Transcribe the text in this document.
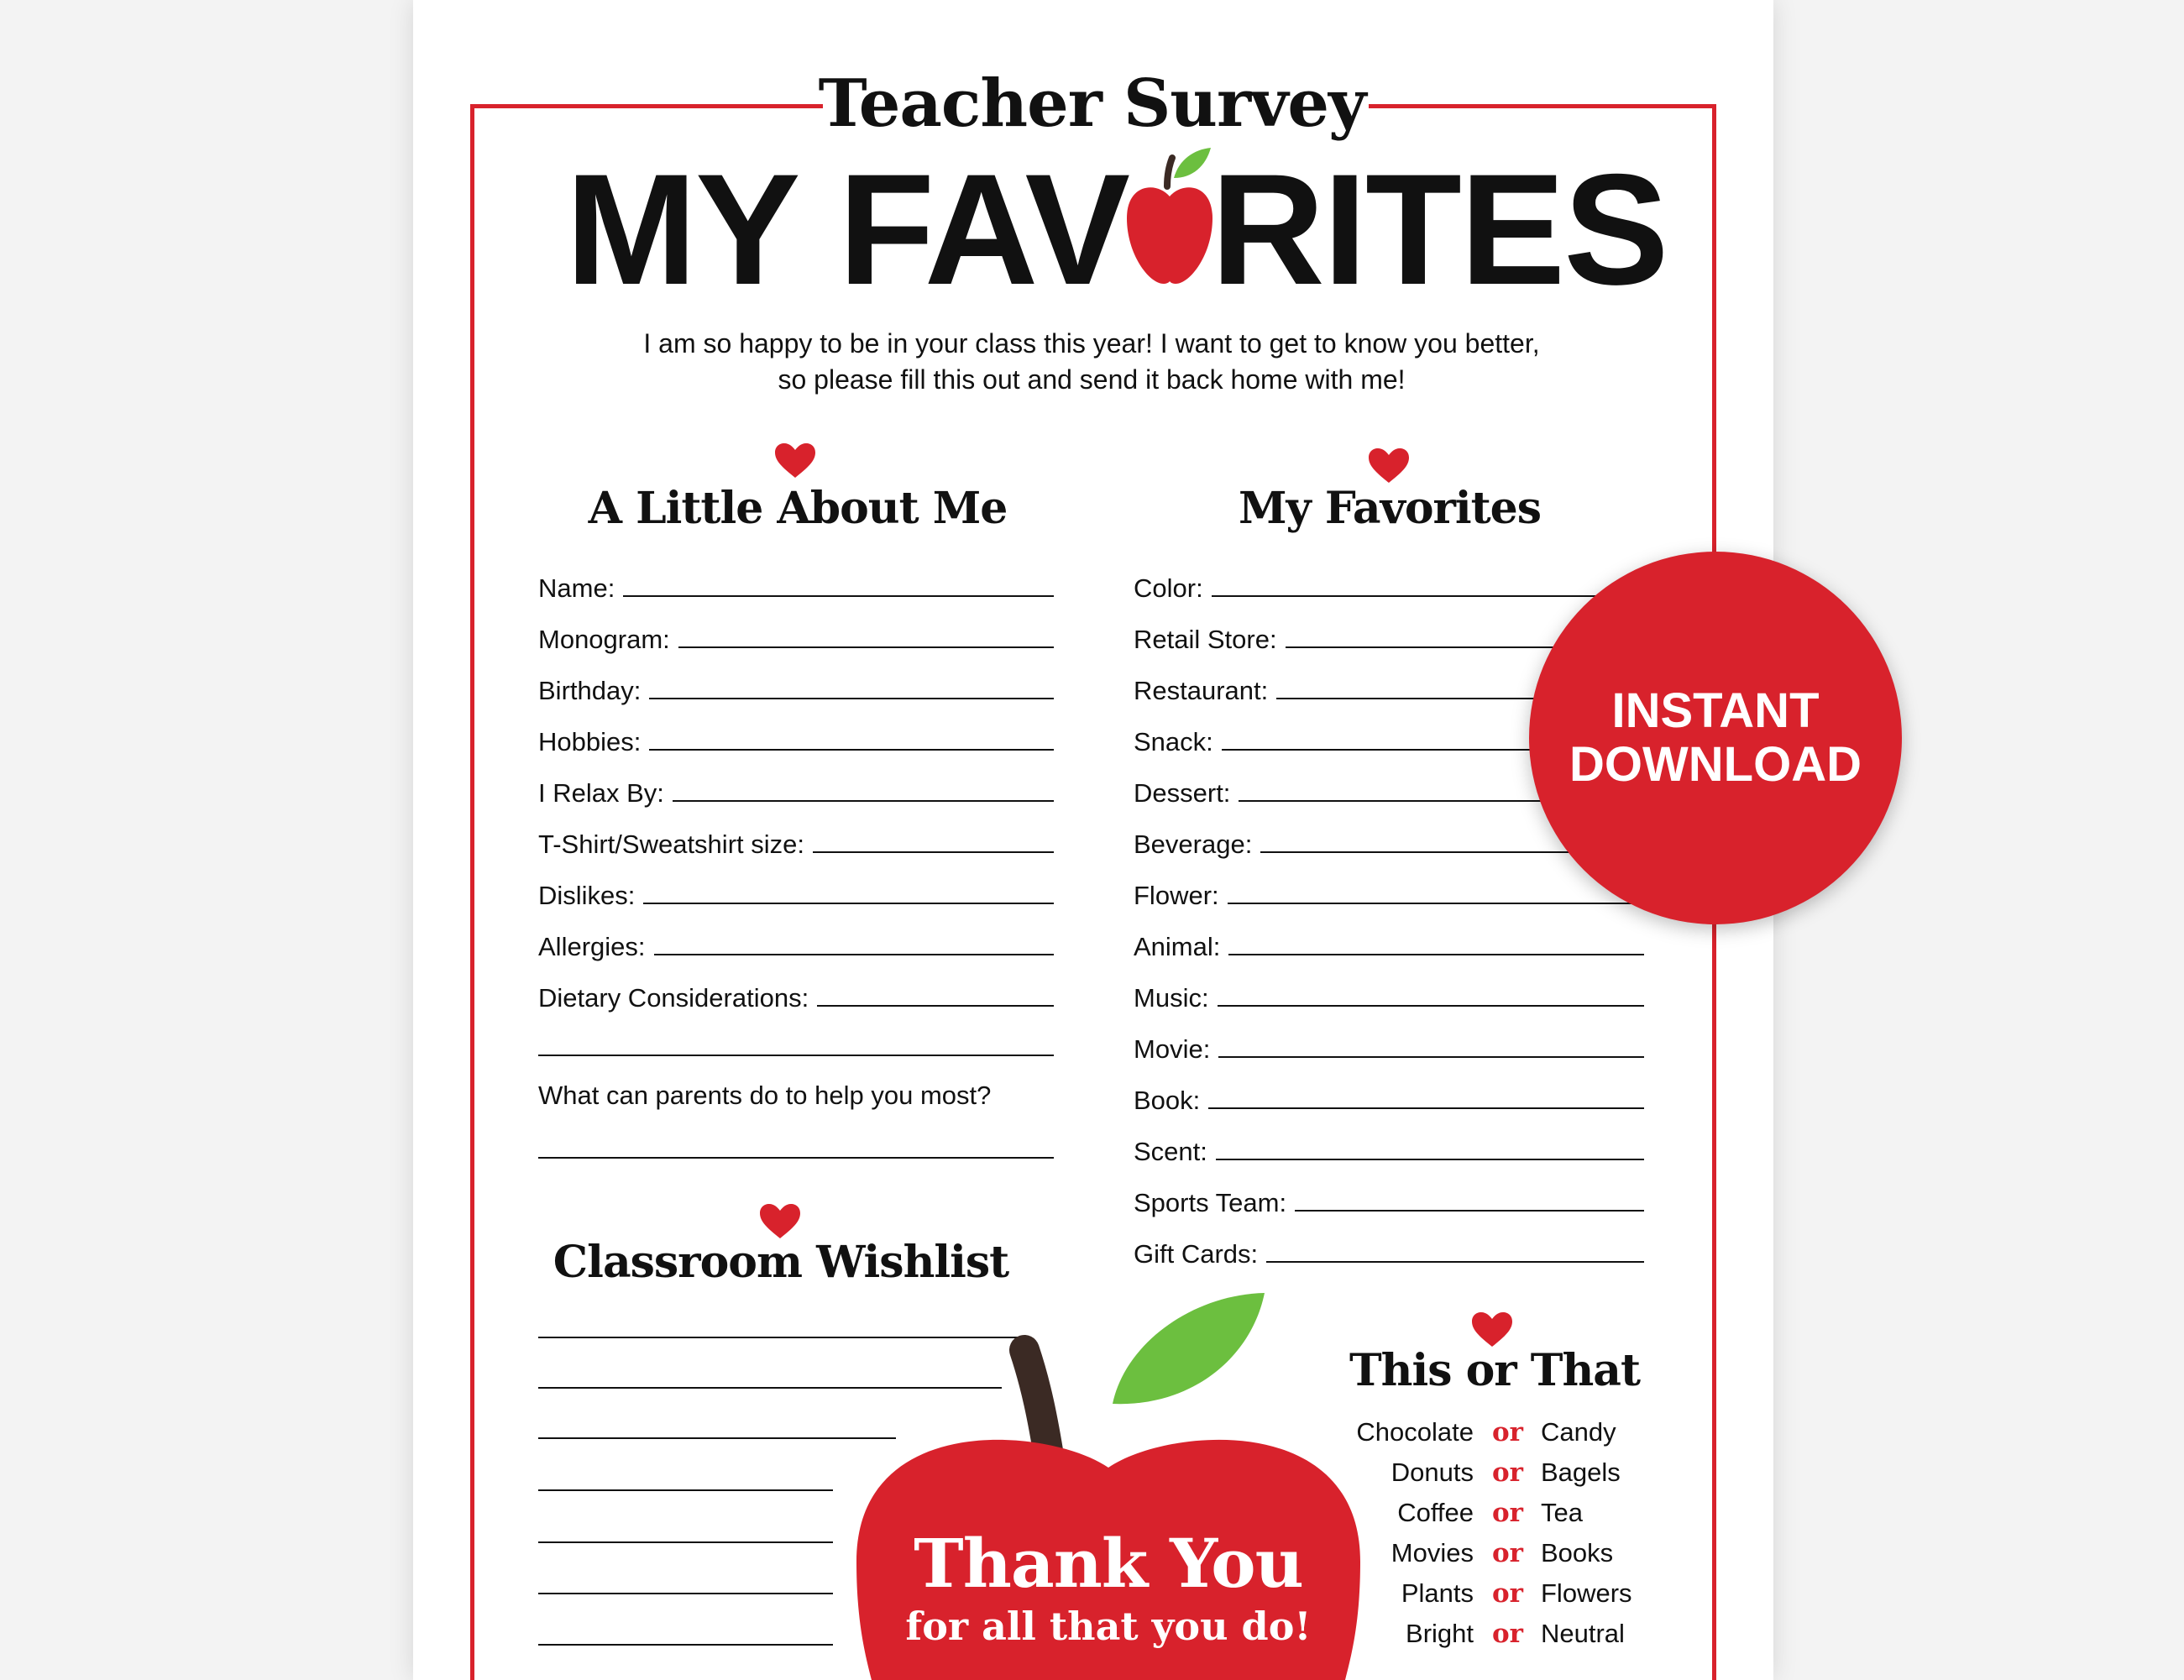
Teacher Survey
MY FAV RITES
I am so happy to be in your class this year! I want to get to know you better,
so please fill this out and send it back home with me!
A Little About Me	My Favorites
Name:
Monogram:
Birthday:
Hobbies:
I Relax By:
T-Shirt/Sweatshirt size:
Dislikes:
Allergies:
Dietary Considerations:
What can parents do to help you most?
Color:
Retail Store:
Restaurant:
Snack:
Dessert:
Beverage:
Flower:
Animal:
Music:
Movie:
Book:
Scent:
Sports Team:
Gift Cards:
INSTANT
DOWNLOAD
Classroom Wishlist
Thank You
for all that you do!
This or That
Chocolate or Candy
Donuts or Bagels
Coffee or Tea
Movies or Books
Plants or Flowers
Bright or Neutral
